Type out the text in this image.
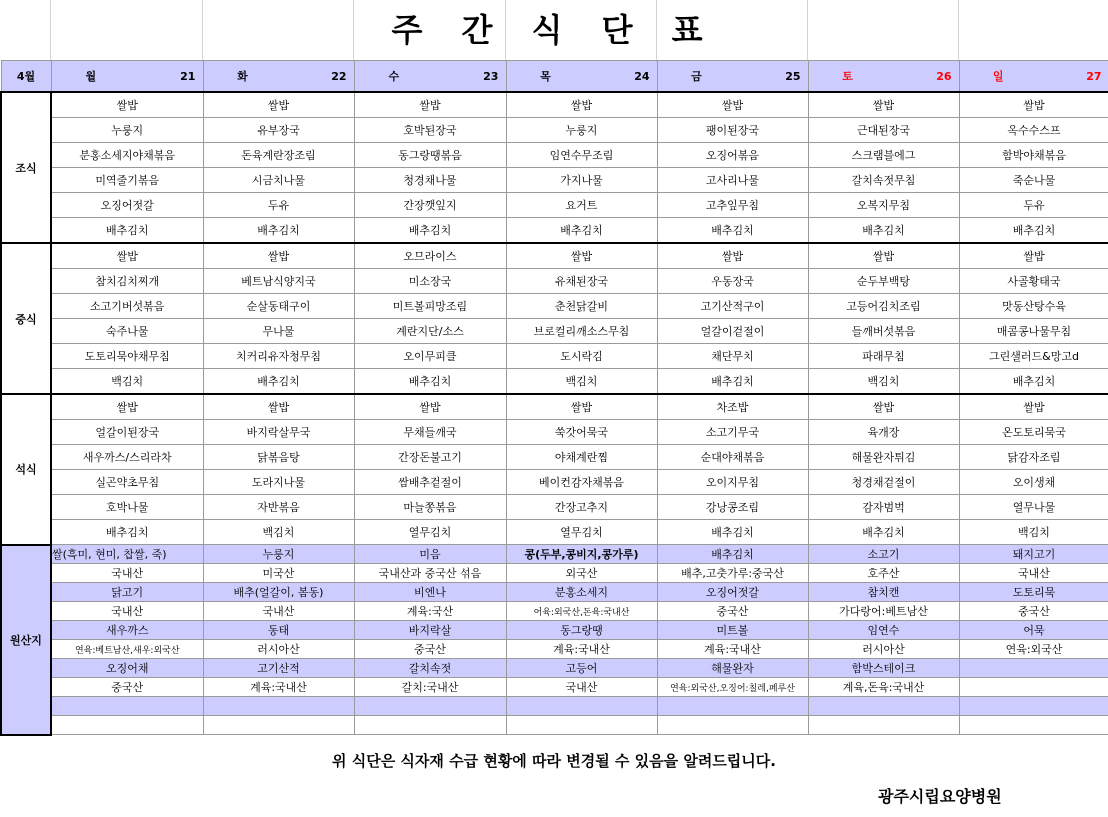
주 간 식 단 표
4월	월 21	화 22	수 23	목 24	금 25	토 26	일 27
조식	쌀밥	쌀밥	쌀밥	쌀밥	쌀밥	쌀밥	쌀밥
	누룽지	유부장국	호박된장국	누룽지	팽이된장국	근대된장국	옥수수스프
	분홍소세지야채볶음	돈육계란장조림	동그랑땡볶음	임연수무조림	오징어볶음	스크램블에그	함박야채볶음
	미역줄기볶음	시금치나물	청경채나물	가지나물	고사리나물	갈치속젓무침	죽순나물
	오징어젓갈	두유	간장깻잎지	요거트	고추잎무침	오복지무침	두유
	배추김치	배추김치	배추김치	배추김치	배추김치	배추김치	배추김치
중식	쌀밥	쌀밥	오므라이스	쌀밥	쌀밥	쌀밥	쌀밥
	참치김치찌개	베트남식양지국	미소장국	유채된장국	우동장국	순두부백탕	사골황태국
	소고기버섯볶음	순살동태구이	미트볼피망조림	춘천닭갈비	고기산적구이	고등어김치조림	맛동산탕수육
	숙주나물	무나물	계란지단/소스	브로컬리깨소스무침	얼갈이겉절이	들깨버섯볶음	매콤콩나물무침
	도토리묵야채무침	치커리유자청무침	오이무피클	도시락김	채단무치	파래무침	그린샐러드&망고d
	백김치	배추김치	배추김치	백김치	배추김치	백김치	배추김치
석식	쌀밥	쌀밥	쌀밥	쌀밥	차조밥	쌀밥	쌀밥
	얼갈이된장국	바지락살무국	무채들깨국	쑥갓어묵국	소고기무국	육개장	온도토리묵국
	새우까스/스리라차	닭볶음탕	간장돈불고기	야채계란찜	순대야채볶음	해물완자튀김	닭감자조림
	실곤약초무침	도라지나물	쌈배추겉절이	베이컨감자채볶음	오이지무침	청경채겉절이	오이생채
	호박나물	자반볶음	마늘쫑볶음	간장고추지	강낭콩조림	감자범벅	열무나물
	배추김치	백김치	열무김치	열무김치	배추김치	배추김치	백김치
원산지	쌀(흑미, 현미, 찹쌀, 죽)	누룽지	미음	콩(두부,콩비지,콩가루)	배추김치	소고기	돼지고기
	국내산	미국산	국내산과 중국산 섞음	외국산	배추,고춧가루:중국산	호주산	국내산
	닭고기	배추(얼갈이, 봄동)	비엔나	분홍소세지	오징어젓갈	참치캔	도토리묵
	국내산	국내산	계육:국산	어육:외국산,돈육:국내산	중국산	가다랑어:베트남산	중국산
	새우까스	동태	바지락살	동그랑땡	미트볼	임연수	어묵
	연육:베트남산,새우:외국산	러시아산	중국산	계육:국내산	계육:국내산	러시아산	연육:외국산
	오징어채	고기산적	갈치속젓	고등어	해물완자	함박스테이크	
	중국산	계육:국내산	갈치:국내산	국내산	연육:외국산,오징어:칠레,페루산	계육,돈육:국내산	

위 식단은 식자재 수급 현황에 따라 변경될 수 있음을 알려드립니다.
광주시립요양병원
